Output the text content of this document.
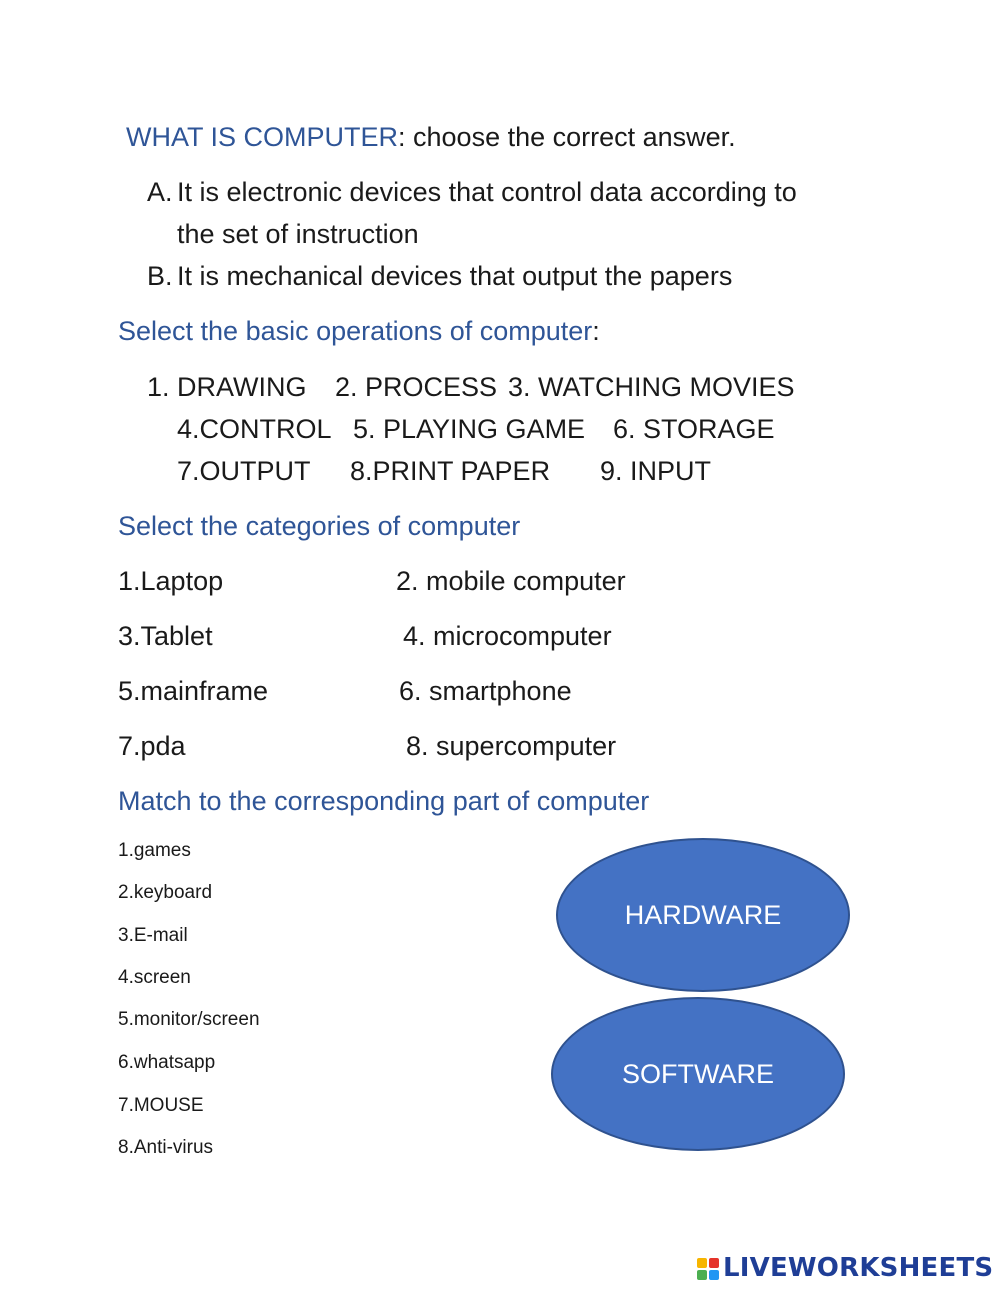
WHAT IS COMPUTER: choose the correct answer.
A. It is electronic devices that control data according to
the set of instruction
B. It is mechanical devices that output the papers
Select the basic operations of computer:
1. DRAWING 2. PROCESS 3. WATCHING MOVIES
4.CONTROL 5. PLAYING GAME 6. STORAGE
7.OUTPUT 8.PRINT PAPER 9. INPUT
Select the categories of computer
1.Laptop	2. mobile computer
3.Tablet	4. microcomputer
5.mainframe	6. smartphone
7.pda	8. supercomputer
Match to the corresponding part of computer
1.games
2.keyboard
3.E-mail
4.screen
5.monitor/screen
6.whatsapp
7.MOUSE
8.Anti-virus
HARDWARE
SOFTWARE
LIVEWORKSHEETS
